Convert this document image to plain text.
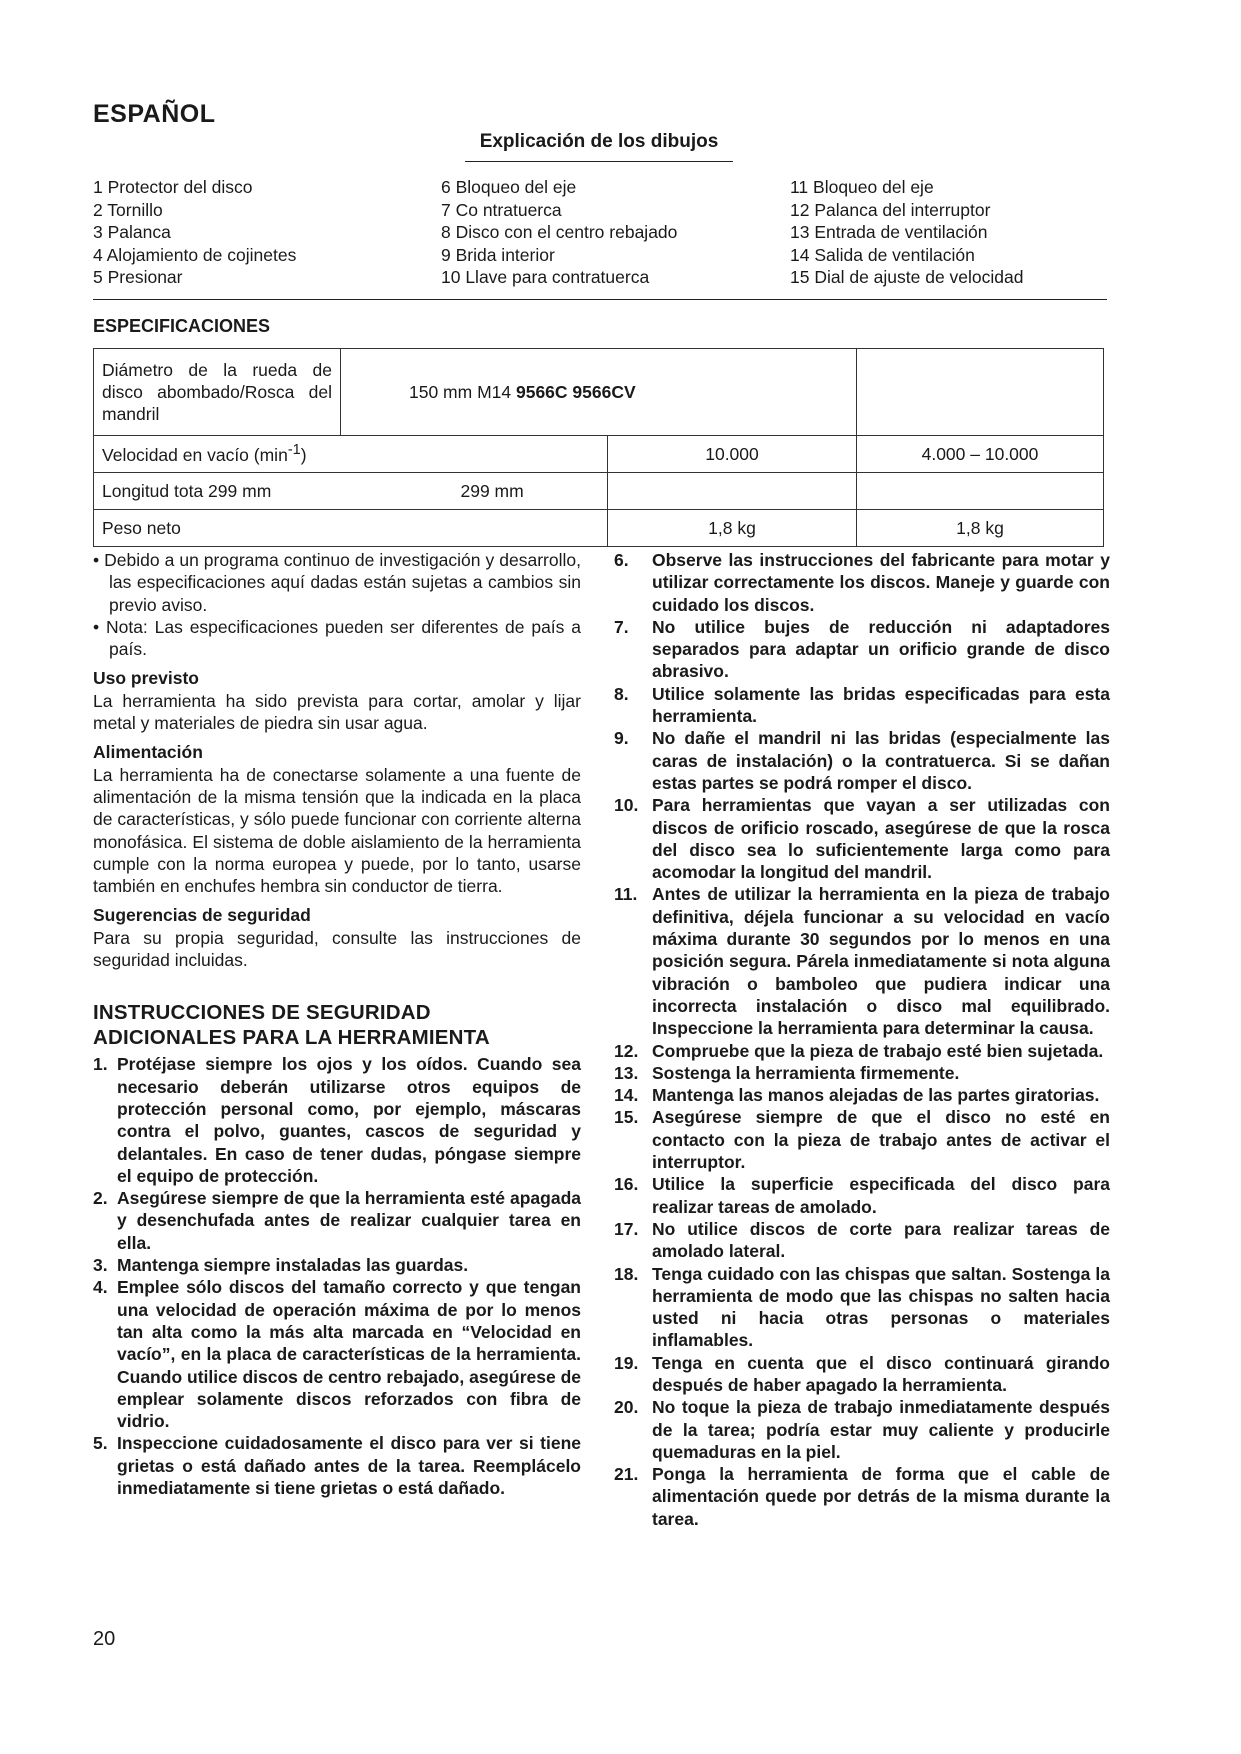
ESPAÑOL
Explicación de los dibujos
1 Protector del disco
2 Tornillo
3 Palanca
4 Alojamiento de cojinetes
5 Presionar
6 Bloqueo del eje
7 Co ntratuerca
8 Disco con el centro rebajado
9 Brida interior
10 Llave para contratuerca
11 Bloqueo del eje
12 Palanca del interruptor
13 Entrada de ventilación
14 Salida de ventilación
15 Dial de ajuste de velocidad
ESPECIFICACIONES
Diámetro de la rueda de disco abombado/Rosca del mandril	150 mm M14 9566C 9566CV		
Velocidad en vacío $(\min^{-1})$		10.000	4.000 – 10.000
Longitud tota 299 mm	299 mm		
Peso neto		1,8 kg	1,8 kg

• Debido a un programa continuo de investigación y desarrollo, las especificaciones aquí dadas están sujetas a cambios sin previo aviso.

• Nota: Las especificaciones pueden ser diferentes de país a país.

Uso previsto

La herramienta ha sido prevista para cortar, amolar y lijar metal y materiales de piedra sin usar agua.

Alimentación

La herramienta ha de conectarse solamente a una fuente de alimentación de la misma tensión que la indicada en la placa de características, y sólo puede funcionar con corriente alterna monofásica. El sistema de doble aislamiento de la herramienta cumple con la norma europea y puede, por lo tanto, usarse también en enchufes hembra sin conductor de tierra.

Sugerencias de seguridad

Para su propia seguridad, consulte las instrucciones de seguridad incluidas.

INSTRUCCIONES DE SEGURIDAD
ADICIONALES PARA LA HERRAMIENTA
1. Protéjase siempre los ojos y los oídos. Cuando sea necesario deberán utilizarse otros equipos de protección personal como, por ejemplo, máscaras contra el polvo, guantes, cascos de seguridad y delantales. En caso de tener dudas, póngase siempre el equipo de protección.
2. Asegúrese siempre de que la herramienta esté apagada y desenchufada antes de realizar cualquier tarea en ella.
3. Mantenga siempre instaladas las guardas.
4. Emplee sólo discos del tamaño correcto y que tengan una velocidad de operación máxima de por lo menos tan alta como la más alta marcada en “Velocidad en vacío”, en la placa de características de la herramienta. Cuando utilice discos de centro rebajado, asegúrese de emplear solamente discos reforzados con fibra de vidrio.
5. Inspeccione cuidadosamente el disco para ver si tiene grietas o está dañado antes de la tarea. Reemplácelo inmediatamente si tiene grietas o está dañado.
6.	Observe las instrucciones del fabricante para motar y utilizar correctamente los discos. Maneje y guarde con cuidado los discos.
7.	No utilice bujes de reducción ni adaptadores separados para adaptar un orificio grande de disco abrasivo.
8.	Utilice solamente las bridas especificadas para esta herramienta.
9.	No dañe el mandril ni las bridas (especialmente las caras de instalación) o la contratuerca. Si se dañan estas partes se podrá romper el disco.
10. Para herramientas que vayan a ser utilizadas con discos de orificio roscado, asegúrese de que la rosca del disco sea lo suficientemente larga como para acomodar la longitud del mandril.
11. Antes de utilizar la herramienta en la pieza de trabajo definitiva, déjela funcionar a su velocidad en vacío máxima durante 30 segundos por lo menos en una posición segura. Párela inmediatamente si nota alguna vibración o bamboleo que pudiera indicar una incorrecta instalación o disco mal equilibrado. Inspeccione la herramienta para determinar la causa.
12. Compruebe que la pieza de trabajo esté bien sujetada.
13. Sostenga la herramienta firmemente.
14. Mantenga las manos alejadas de las partes giratorias.
15. Asegúrese siempre de que el disco no esté en contacto con la pieza de trabajo antes de activar el interruptor.
16. Utilice la superficie especificada del disco para realizar tareas de amolado.
17. No utilice discos de corte para realizar tareas de amolado lateral.
18. Tenga cuidado con las chispas que saltan. Sostenga la herramienta de modo que las chispas no salten hacia usted ni hacia otras personas o materiales inflamables.
19. Tenga en cuenta que el disco continuará girando después de haber apagado la herramienta.
20. No toque la pieza de trabajo inmediatamente después de la tarea; podría estar muy caliente y producirle quemaduras en la piel.
21. Ponga la herramienta de forma que el cable de alimentación quede por detrás de la misma durante la tarea.
20
